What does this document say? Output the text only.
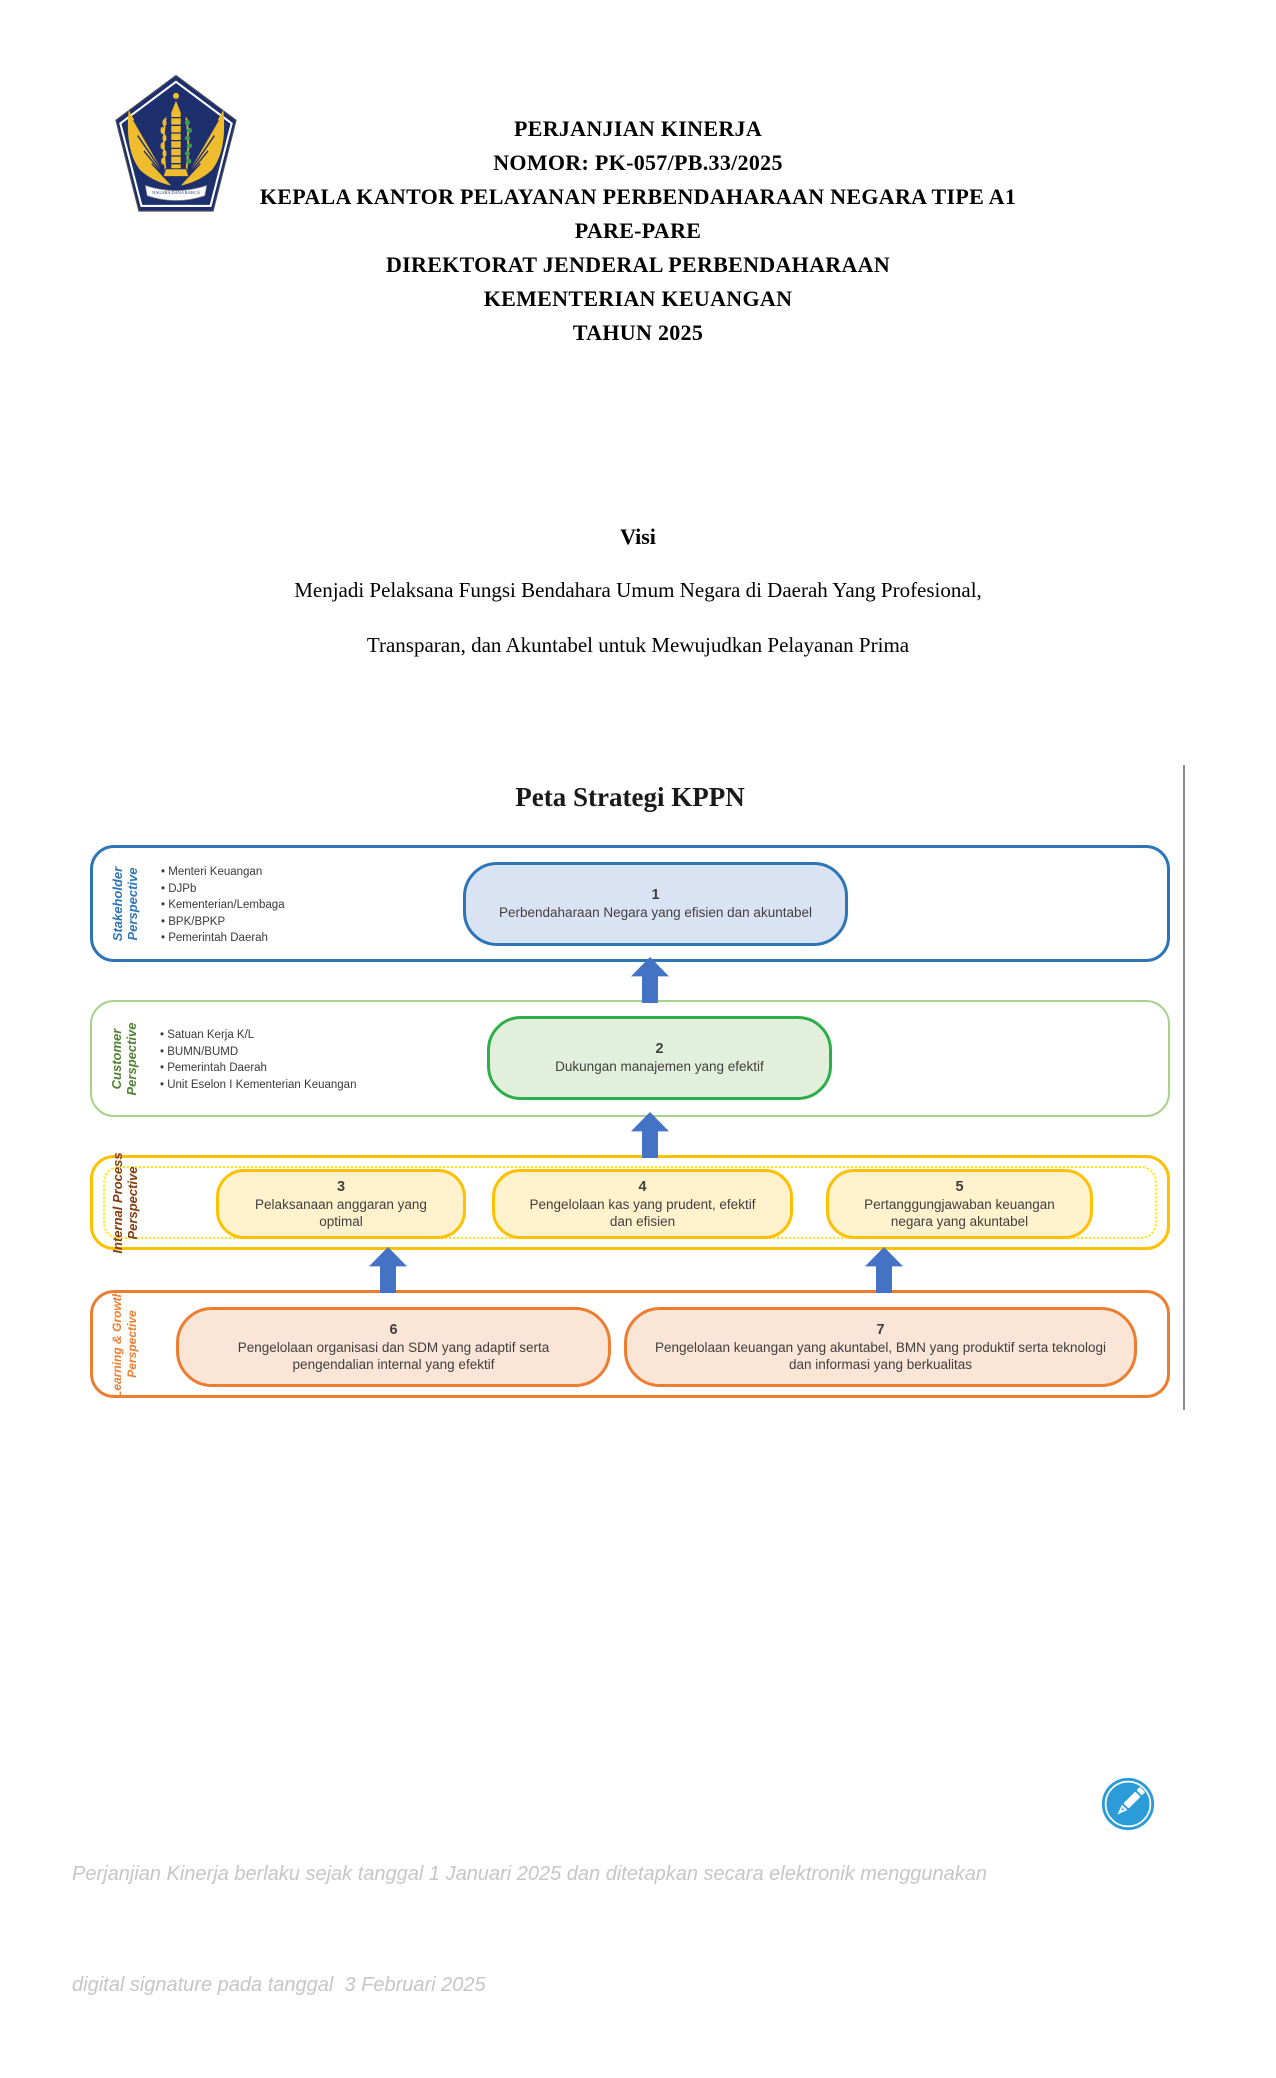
NAGARA DANA RAKCA
PERJANJIAN KINERJA
NOMOR: PK-057/PB.33/2025
KEPALA KANTOR PELAYANAN PERBENDAHARAAN NEGARA TIPE A1
PARE-PARE
DIREKTORAT JENDERAL PERBENDAHARAAN
KEMENTERIAN KEUANGAN
TAHUN 2025
Visi
Menjadi Pelaksana Fungsi Bendahara Umum Negara di Daerah Yang Profesional,
Transparan, dan Akuntabel untuk Mewujudkan Pelayanan Prima
Peta Strategi KPPN
Stakeholder
Perspective	• Menteri Keuangan
• DJPb
• Kementerian/Lembaga
• BPK/BPKP
• Pemerintah Daerah
1
Perbendaharaan Negara yang efisien dan akuntabel
Customer
Perspective	• Satuan Kerja K/L
• BUMN/BUMD
• Pemerintah Daerah
• Unit Eselon I Kementerian Keuangan
2
Dukungan manajemen yang efektif
Internal Process
Perspective	3
Pelaksanaan anggaran yang optimal
4
Pengelolaan kas yang prudent, efektif dan efisien
5
Pertanggungjawaban keuangan negara yang akuntabel
Learning & Growth
Perspective	6
Pengelolaan organisasi dan SDM yang adaptif serta pengendalian internal yang efektif
7
Pengelolaan keuangan yang akuntabel, BMN yang produktif serta teknologi dan informasi yang berkualitas

Perjanjian Kinerja berlaku sejak tanggal 1 Januari 2025 dan ditetapkan secara elektronik menggunakan

digital signature pada tanggal  3 Februari 2025
